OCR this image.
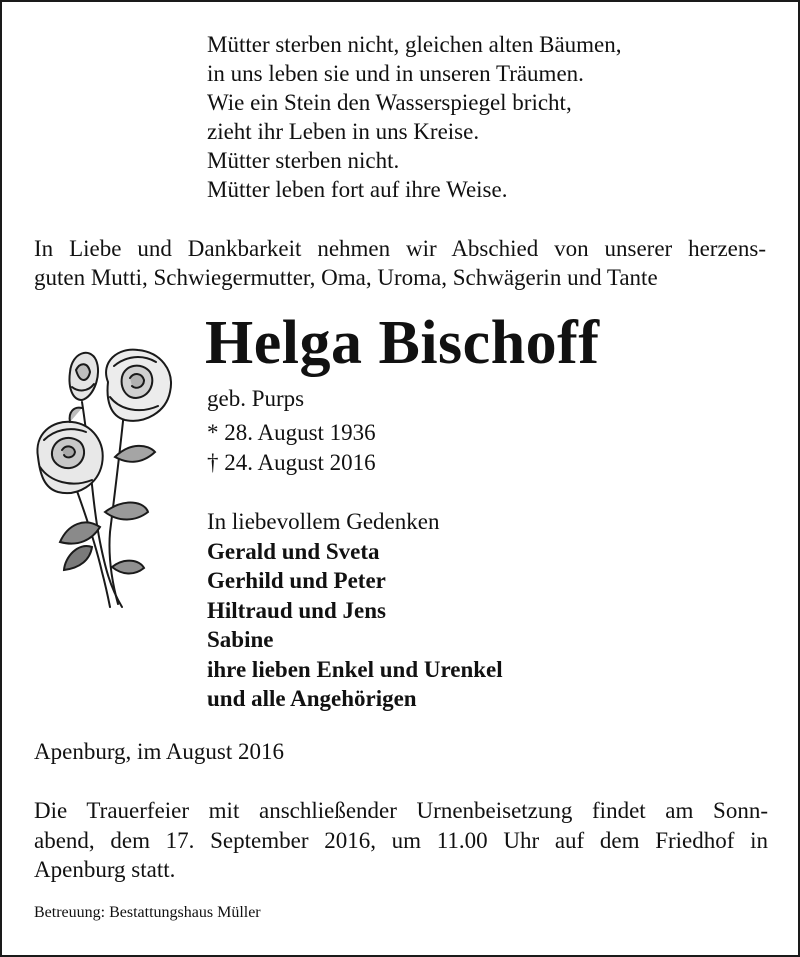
Mütter sterben nicht, gleichen alten Bäumen,
in uns leben sie und in unseren Träumen.
Wie ein Stein den Wasserspiegel bricht,
zieht ihr Leben in uns Kreise.
Mütter sterben nicht.
Mütter leben fort auf ihre Weise.
In Liebe und Dankbarkeit nehmen wir Abschied von unserer herzens-
guten Mutti, Schwiegermutter, Oma, Uroma, Schwägerin und Tante
Helga Bischoff
geb. Purps
* 28. August 1936
† 24. August 2016
In liebevollem Gedenken
Gerald und Sveta
Gerhild und Peter
Hiltraud und Jens
Sabine
ihre lieben Enkel und Urenkel
und alle Angehörigen
Apenburg, im August 2016
Die Trauerfeier mit anschließender Urnenbeisetzung findet am Sonn-
abend, dem 17. September 2016, um 11.00 Uhr auf dem Friedhof in
Apenburg statt.
Betreuung: Bestattungshaus Müller
